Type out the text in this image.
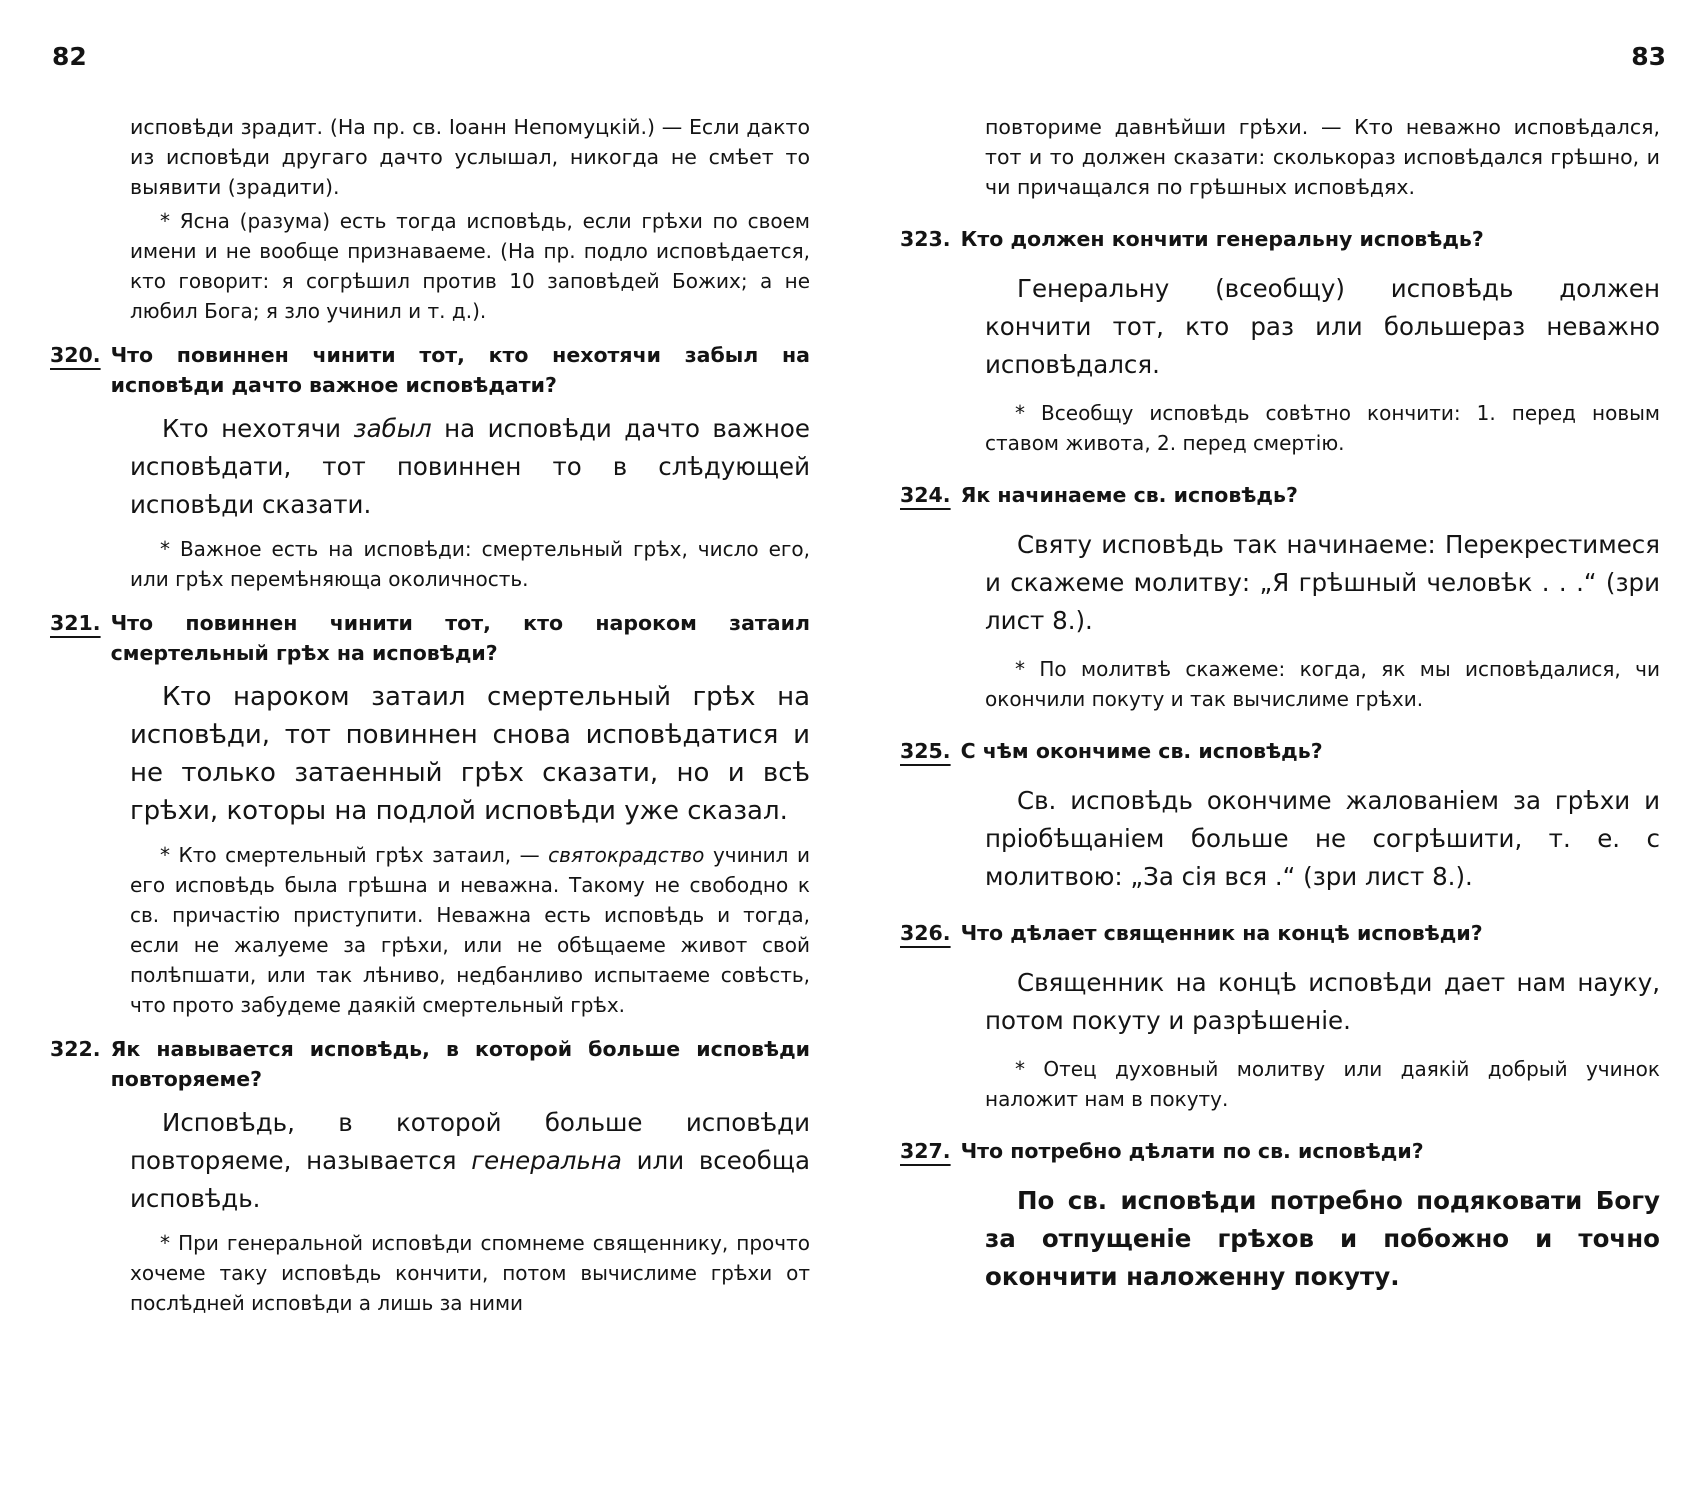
82	83

исповѣди зрадит. (На пр. св. Іоанн Непомуцкій.) — Если дакто из исповѣди другаго дачто услышал, никогда не смѣет то выявити (зрадити).

* Ясна (разума) есть тогда исповѣдь, если грѣхи по своем имени и не вообще признаваеме. (На пр. подло исповѣдается, кто говорит: я согрѣшил против 10 заповѣдей Божих; а не любил Бога; я зло учинил и т. д.).

320. Что повиннен чинити тот, кто нехотячи забыл на исповѣди дачто важное исповѣдати?

Кто нехотячи забыл на исповѣди дачто важное исповѣдати, тот повиннен то в слѣдующей исповѣди сказати.

* Важное есть на исповѣди: смертельный грѣх, число его, или грѣх перемѣняюща околичность.

321. Что повиннен чинити тот, кто нароком затаил смертельный грѣх на исповѣди?

Кто нароком затаил смертельный грѣх на исповѣди, тот повиннен снова исповѣдатися и не только затаенный грѣх сказати, но и всѣ грѣхи, которы на подлой исповѣди уже сказал.

* Кто смертельный грѣх затаил, — святокрадство учинил и его исповѣдь была грѣшна и неважна. Такому не свободно к св. причастію приступити. Неважна есть исповѣдь и тогда, если не жалуеме за грѣхи, или не обѣщаеме живот свой полѣпшати, или так лѣниво, недбанливо испытаеме совѣсть, что прото забудеме даякій смертельный грѣх.

322. Як навывается исповѣдь, в которой больше исповѣди повторяеме?

Исповѣдь, в которой больше исповѣди повторяеме, называется генеральна или всеобща исповѣдь.

* При генеральной исповѣди спомнеме священнику, прочто хочеме таку исповѣдь кончити, потом вычислиме грѣхи от послѣдней исповѣди а лишь за ними

повториме давнѣйши грѣхи. — Кто неважно исповѣдался, тот и то должен сказати: сколькораз исповѣдался грѣшно, и чи причащался по грѣшных исповѣдях.

323. Кто должен кончити генеральну исповѣдь?

Генеральну (всеобщу) исповѣдь должен кончити тот, кто раз или большераз неважно исповѣдался.

* Всеобщу исповѣдь совѣтно кончити: 1. перед новым ставом живота, 2. перед смертію.

324. Як начинаеме св. исповѣдь?

Святу исповѣдь так начинаеме: Перекрестимеся и скажеме молитву: „Я грѣшный человѣк . . .“ (зри лист 8.).

* По молитвѣ скажеме: когда, як мы исповѣдалися, чи окончили покуту и так вычислиме грѣхи.

325. С чѣм окончиме св. исповѣдь?

Св. исповѣдь окончиме жалованіем за грѣхи и пріобѣщаніем больше не согрѣшити, т. е. с молитвою: „За сія вся .“ (зри лист 8.).

326. Что дѣлает священник на концѣ исповѣди?

Священник на концѣ исповѣди дает нам науку, потом покуту и разрѣшеніе.

* Отец духовный молитву или даякій добрый учинок наложит нам в покуту.

327. Что потребно дѣлати по св. исповѣди?

По св. исповѣди потребно подяковати Богу за отпущеніе грѣхов и побожно и точно окончити наложенну покуту.
